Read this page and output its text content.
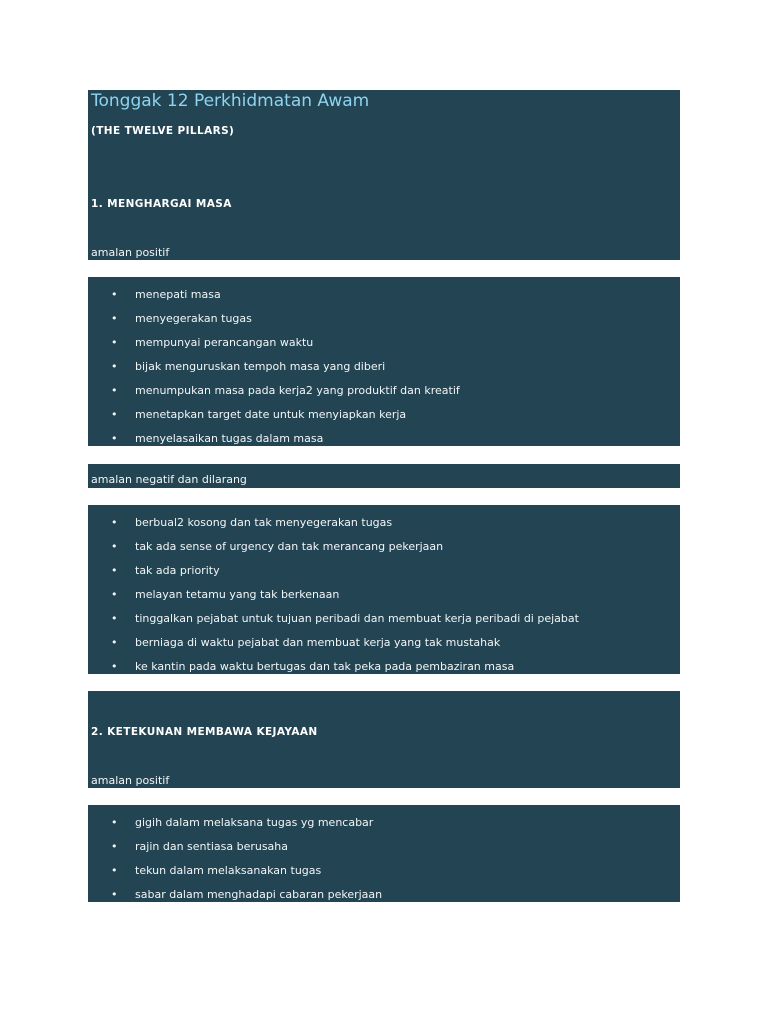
Tonggak 12 Perkhidmatan Awam
(THE TWELVE PILLARS)
1. MENGHARGAI MASA
amalan positif
• menepati masa
• menyegerakan tugas
• mempunyai perancangan waktu
• bijak menguruskan tempoh masa yang diberi
• menumpukan masa pada kerja2 yang produktif dan kreatif
• menetapkan target date untuk menyiapkan kerja
• menyelasaikan tugas dalam masa
amalan negatif dan dilarang
• berbual2 kosong dan tak menyegerakan tugas
• tak ada sense of urgency dan tak merancang pekerjaan
• tak ada priority
• melayan tetamu yang tak berkenaan
• tinggalkan pejabat untuk tujuan peribadi dan membuat kerja peribadi di pejabat
• berniaga di waktu pejabat dan membuat kerja yang tak mustahak
• ke kantin pada waktu bertugas dan tak peka pada pembaziran masa
2. KETEKUNAN MEMBAWA KEJAYAAN
amalan positif
• gigih dalam melaksana tugas yg mencabar
• rajin dan sentiasa berusaha
• tekun dalam melaksanakan tugas
• sabar dalam menghadapi cabaran pekerjaan
